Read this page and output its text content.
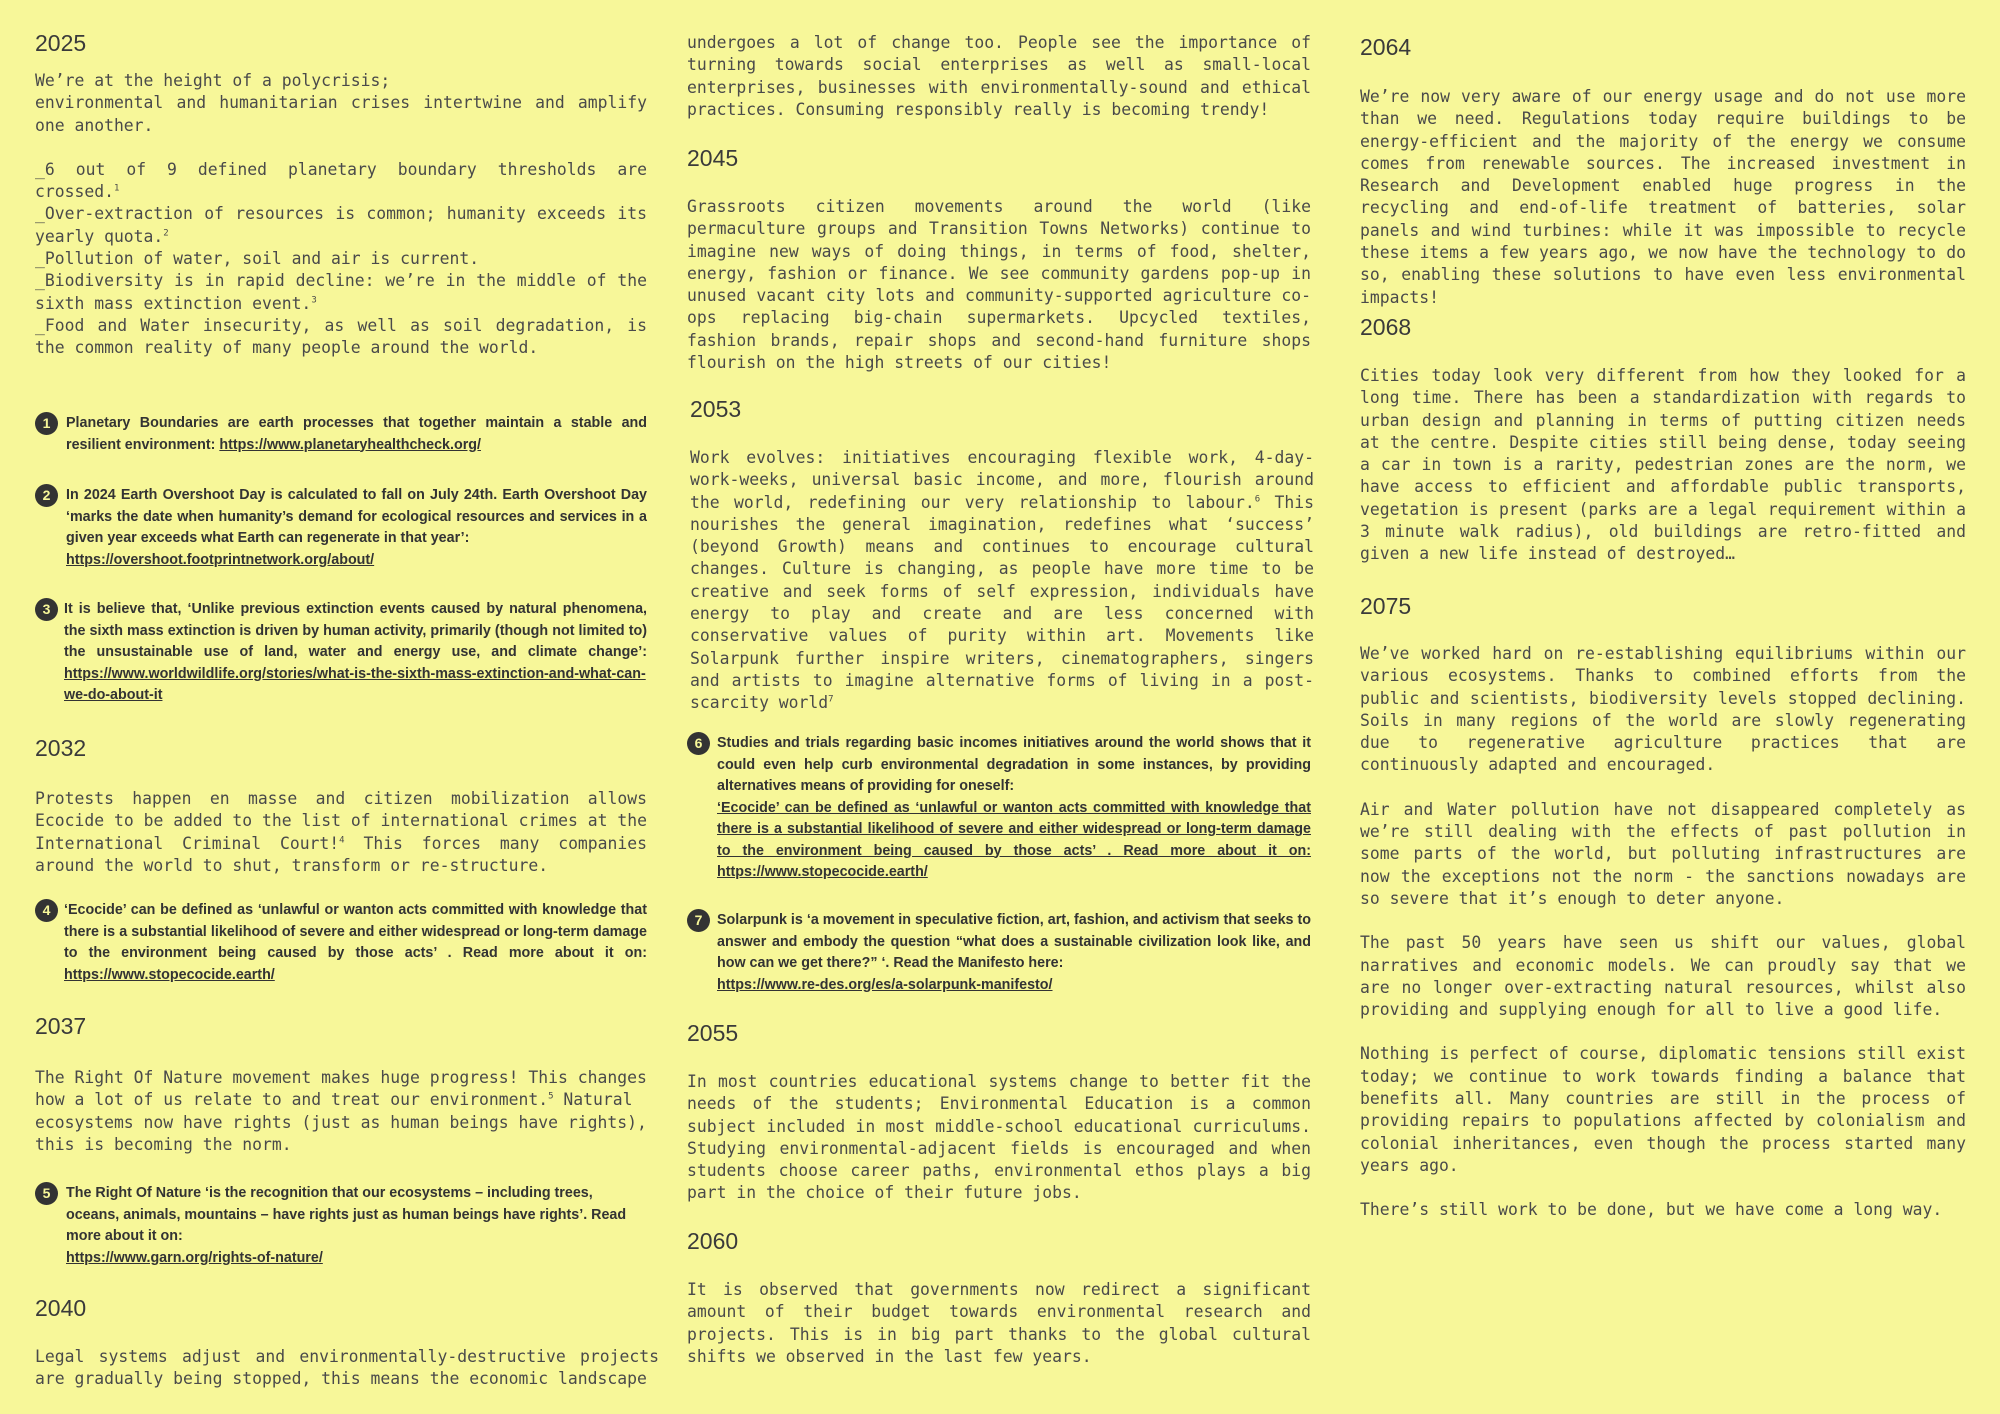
2025

We’re at the height of a polycrisis;

environmental and humanitarian crises intertwine and amplify one another.

_6 out of 9 defined planetary boundary thresholds are crossed.$^1$

_Over-extraction of resources is common; humanity exceeds its yearly quota.$^2$

_Pollution of water, soil and air is current.

_Biodiversity is in rapid decline: we’re in the middle of the sixth mass extinction event.$^3$

_Food and Water insecurity, as well as soil degradation, is the common reality of many people around the world.

1	Planetary Boundaries are earth processes that together maintain a stable and resilient environment: https://www.planetaryhealthcheck.org/
2	In 2024 Earth Overshoot Day is calculated to fall on July 24th. Earth Overshoot Day ‘marks the date when humanity’s demand for ecological resources and services in a given year exceeds what Earth can regenerate in that year’:
https://overshoot.footprintnetwork.org/about/
3 It is believe that, ‘Unlike previous extinction events caused by natural phenomena, the sixth mass extinction is driven by human activity, primarily (though not limited to) the unsustainable use of land, water and energy use, and climate change’: https://www.worldwildlife.org/stories/what-is-the-sixth-mass-extinction-and-what-can-we-do-about-it
2032

Protests happen en masse and citizen mobilization allows Ecocide to be added to the list of international crimes at the International Criminal Court!$^4$ This forces many companies around the world to shut, transform or re-structure.

4 ‘Ecocide’ can be defined as ‘unlawful or wanton acts committed with knowledge that there is a substantial likelihood of severe and either widespread or long-term damage to the environment being caused by those acts’ . Read more about it on: https://www.stopecocide.earth/
2037

The Right Of Nature movement makes huge progress! This changes how a lot of us relate to and treat our environment.$^5$ Natural ecosystems now have rights (just as human beings have rights), this is becoming the norm.

5	The Right Of Nature ‘is the recognition that our ecosystems – including trees, oceans, animals, mountains – have rights just as human beings have rights’. Read more about it on:
https://www.garn.org/rights-of-nature/
2040

Legal systems adjust and environmentally-destructive projects are gradually being stopped, this means the economic landscape

undergoes a lot of change too. People see the importance of turning towards social enterprises as well as small-local enterprises, businesses with environmentally-sound and ethical practices. Consuming responsibly really is becoming trendy!

2045

Grassroots citizen movements around the world (like permaculture groups and Transition Towns Networks) continue to imagine new ways of doing things, in terms of food, shelter, energy, fashion or finance. We see community gardens pop-up in unused vacant city lots and community-supported agriculture co-ops replacing big-chain supermarkets. Upcycled textiles, fashion brands, repair shops and second-hand furniture shops flourish on the high streets of our cities!

2053

Work evolves: initiatives encouraging flexible work, 4-day-work-weeks, universal basic income, and more, flourish around the world, redefining our very relationship to labour.$^6$ This nourishes the general imagination, redefines what ‘success’ (beyond Growth) means and continues to encourage cultural changes. Culture is changing, as people have more time to be creative and seek forms of self expression, individuals have energy to play and create and are less concerned with conservative values of purity within art. Movements like Solarpunk further inspire writers, cinematographers, singers and artists to imagine alternative forms of living in a post-scarcity world$^7$

6	Studies and trials regarding basic incomes initiatives around the world shows that it could even help curb environmental degradation in some instances, by providing alternatives means of providing for oneself:
‘Ecocide’ can be defined as ‘unlawful or wanton acts committed with knowledge that there is a substantial likelihood of severe and either widespread or long-term damage to the environment being caused by those acts’ . Read more about it on: https://www.stopecocide.earth/
7	Solarpunk is ‘a movement in speculative fiction, art, fashion, and activism that seeks to answer and embody the question “what does a sustainable civilization look like, and how can we get there?” ‘. Read the Manifesto here:
https://www.re-des.org/es/a-solarpunk-manifesto/
2055

In most countries educational systems change to better fit the needs of the students; Environmental Education is a common subject included in most middle-school educational curriculums. Studying environmental-adjacent fields is encouraged and when students choose career paths, environmental ethos plays a big part in the choice of their future jobs.

2060

It is observed that governments now redirect a significant amount of their budget towards environmental research and projects. This is in big part thanks to the global cultural shifts we observed in the last few years.

2064

We’re now very aware of our energy usage and do not use more than we need. Regulations today require buildings to be energy-efficient and the majority of the energy we consume comes from renewable sources. The increased investment in Research and Development enabled huge progress in the recycling and end-of-life treatment of batteries, solar panels and wind turbines: while it was impossible to recycle these items a few years ago, we now have the technology to do so, enabling these solutions to have even less environmental impacts!

2068

Cities today look very different from how they looked for a long time. There has been a standardization with regards to urban design and planning in terms of putting citizen needs at the centre. Despite cities still being dense, today seeing a car in town is a rarity, pedestrian zones are the norm, we have access to efficient and affordable public transports, vegetation is present (parks are a legal requirement within a 3 minute walk radius), old buildings are retro-fitted and given a new life instead of destroyed…

2075

We’ve worked hard on re-establishing equilibriums within our various ecosystems. Thanks to combined efforts from the public and scientists, biodiversity levels stopped declining. Soils in many regions of the world are slowly regenerating due to regenerative agriculture practices that are continuously adapted and encouraged.

Air and Water pollution have not disappeared completely as we’re still dealing with the effects of past pollution in some parts of the world, but polluting infrastructures are now the exceptions not the norm - the sanctions nowadays are so severe that it’s enough to deter anyone.

The past 50 years have seen us shift our values, global narratives and economic models. We can proudly say that we are no longer over-extracting natural resources, whilst also providing and supplying enough for all to live a good life.

Nothing is perfect of course, diplomatic tensions still exist today; we continue to work towards finding a balance that benefits all. Many countries are still in the process of providing repairs to populations affected by colonialism and colonial inheritances, even though the process started many years ago.

There’s still work to be done, but we have come a long way.
